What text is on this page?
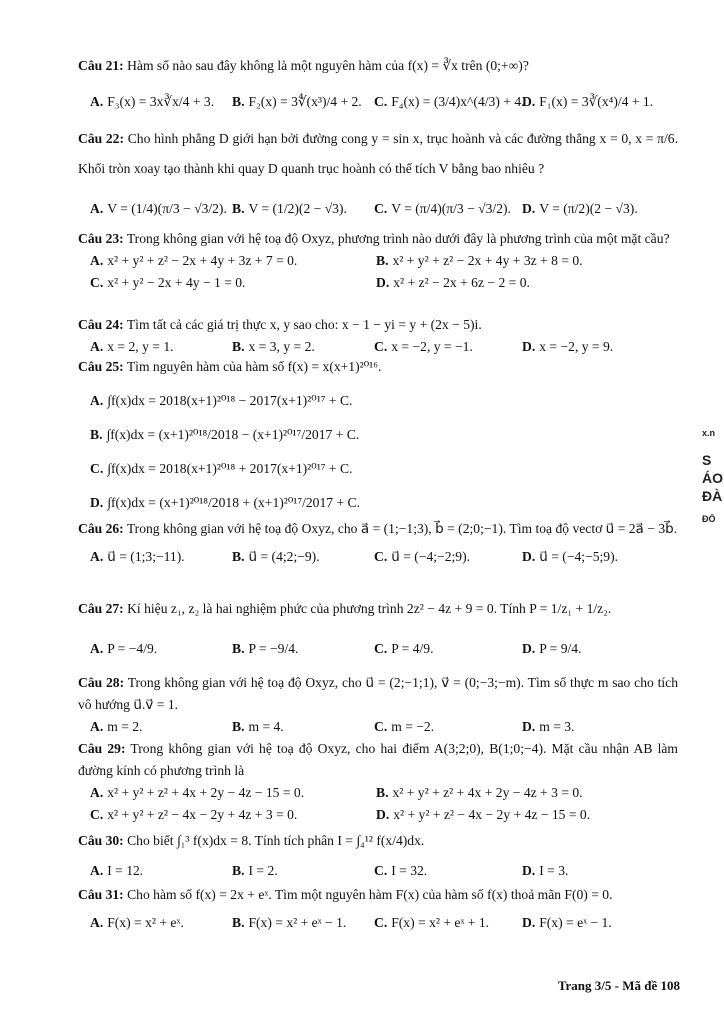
Câu 21: Hàm số nào sau đây không là một nguyên hàm của f(x) = ∛x trên (0;+∞)?
A. F₃(x) = 3x∛x/4 + 3. B. F₂(x) = 3∜(x³)/4 + 2. C. F₄(x) = (3/4)x^(4/3) + 4.
D. F₁(x) = 3∛(x⁴)/4 + 1.
Câu 22: Cho hình phẳng D giới hạn bởi đường cong y = sin x, trục hoành và các đường thẳng x = 0, x = π/6. Khối tròn xoay tạo thành khi quay D quanh trục hoành có thể tích V bằng bao nhiêu ?
A. V = (1/4)(π/3 − √3/2). B. V = (1/2)(2 − √3). C. V = (π/4)(π/3 − √3/2). D. V = (π/2)(2 − √3).
Câu 23: Trong không gian với hệ toạ độ Oxyz, phương trình nào dưới đây là phương trình của một mặt cầu?
A. x² + y² + z² − 2x + 4y + 3z + 7 = 0.	B. x² + y² + z² − 2x + 4y + 3z + 8 = 0.
C. x² + y² − 2x + 4y − 1 = 0.	D. x² + z² − 2x + 6z − 2 = 0.
Câu 24: Tìm tất cả các giá trị thực x, y sao cho: x − 1 − yi = y + (2x − 5)i.
A. x = 2, y = 1.	B. x = 3, y = 2.	C. x = −2, y = −1.	D. x = −2, y = 9.
Câu 25: Tìm nguyên hàm của hàm số f(x) = x(x+1)²⁰¹⁶.
A. ∫f(x)dx = 2018(x+1)²⁰¹⁸ − 2017(x+1)²⁰¹⁷ + C.
B. ∫f(x)dx = (x+1)²⁰¹⁸/2018 − (x+1)²⁰¹⁷/2017 + C.
C. ∫f(x)dx = 2018(x+1)²⁰¹⁸ + 2017(x+1)²⁰¹⁷ + C.
D. ∫f(x)dx = (x+1)²⁰¹⁸/2018 + (x+1)²⁰¹⁷/2017 + C.
Câu 26: Trong không gian với hệ toạ độ Oxyz, cho a⃗ = (1;−1;3), b⃗ = (2;0;−1). Tìm toạ độ vectơ u⃗ = 2a⃗ − 3b⃗.
A. u⃗ = (1;3;−11).	B. u⃗ = (4;2;−9).	C. u⃗ = (−4;−2;9).	D. u⃗ = (−4;−5;9).
Câu 27: Kí hiệu z₁, z₂ là hai nghiệm phức của phương trình 2z² − 4z + 9 = 0. Tính P = 1/z₁ + 1/z₂.
A. P = −4/9.	B. P = −9/4.	C. P = 4/9.	D. P = 9/4.
Câu 28: Trong không gian với hệ toạ độ Oxyz, cho u⃗ = (2;−1;1), v⃗ = (0;−3;−m). Tìm số thực m sao cho tích vô hướng u⃗.v⃗ = 1.
A. m = 2.	B. m = 4.	C. m = −2.	D. m = 3.
Câu 29: Trong không gian với hệ toạ độ Oxyz, cho hai điểm A(3;2;0), B(1;0;−4). Mặt cầu nhận AB làm đường kính có phương trình là
A. x² + y² + z² + 4x + 2y − 4z − 15 = 0.	B. x² + y² + z² + 4x + 2y − 4z + 3 = 0.
C. x² + y² + z² − 4x − 2y + 4z + 3 = 0.	D. x² + y² + z² − 4x − 2y + 4z − 15 = 0.
Câu 30: Cho biết ∫₁³ f(x)dx = 8. Tính tích phân I = ∫₄¹² f(x/4)dx.
A. I = 12.	B. I = 2.	C. I = 32.	D. I = 3.
Câu 31: Cho hàm số f(x) = 2x + eˣ. Tìm một nguyên hàm F(x) của hàm số f(x) thoả mãn F(0) = 0.
A. F(x) = x² + eˣ.	B. F(x) = x² + eˣ − 1. C. F(x) = x² + eˣ + 1. D. F(x) = eˣ − 1.
x.n
S
ÁO
ĐÀ
ĐỐ
Trang 3/5 - Mã đề 108
